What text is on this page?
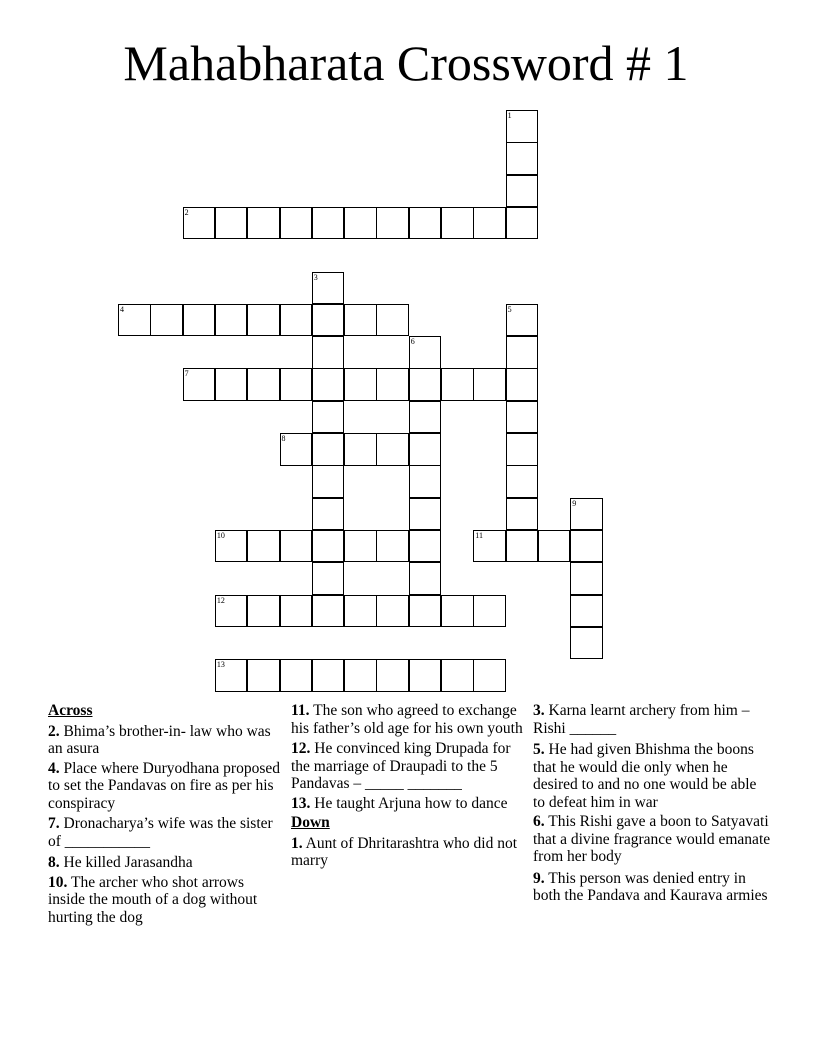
Mahabharata Crossword # 1
1
2
3
4	5
6
7
8
9
10	11
12
13
Across
2. Bhima’s brother-in- law who was an asura
4. Place where Duryodhana proposed to set the Pandavas on fire as per his conspiracy
7. Dronacharya’s wife was the sister of ___________
8. He killed Jarasandha
10. The archer who shot arrows inside the mouth of a dog without hurting the dog
11. The son who agreed to exchange his father’s old age for his own youth
12. He convinced king Drupada for the marriage of Draupadi to the 5 Pandavas – _____ _______
13. He taught Arjuna how to dance
Down
1. Aunt of Dhritarashtra who did not marry
3. Karna learnt archery from him – Rishi ______
5. He had given Bhishma the boons that he would die only when he desired to and no one would be able to defeat him in war
6. This Rishi gave a boon to Satyavati that a divine fragrance would emanate from her body
9. This person was denied entry in both the Pandava and Kaurava armies
